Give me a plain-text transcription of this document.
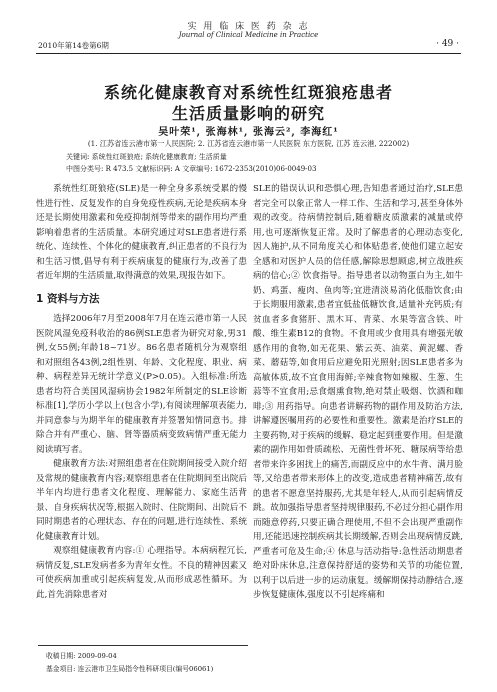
实 用 临 床 医 药 杂 志
Journal of Clinical Medicine in Practice
2010年第14卷第6期	· 49 ·
系统化健康教育对系统性红斑狼疮患者
生活质量影响的研究
吴叶荣¹, 张海林¹, 张海云², 李海红¹
(1. 江苏省连云港市第一人民医院; 2. 江苏省连云港市第一人民医院 东方医院, 江苏 连云港, 222002)
关键词: 系统性红斑狼疮; 系统化健康教育; 生活质量
中图分类号: R 473.5 文献标识码: A 文章编号: 1672-2353(2010)06-0049-03

系统性红斑狼疮(SLE)是一种全身多系统受累的慢性进行性、反复发作的自身免疫性疾病,无论是疾病本身还是长期使用激素和免疫抑制剂等带来的副作用均严重影响着患者的生活质量。本研究通过对SLE患者进行系统化、连续性、个体化的健康教育,纠正患者的不良行为和生活习惯,倡导有利于疾病康复的健康行为,改善了患者近年期的生活质量,取得满意的效果,现报告如下。

1 资料与方法

选择2006年7月至2008年7月在连云港市第一人民医院风湿免疫科收治的86例SLE患者为研究对象,男31例,女55例;年龄18~71岁。86名患者随机分为观察组和对照组各43例,2组性别、年龄、文化程度、职业、病种、病程差异无统计学意义(P>0.05)。入组标准:所选患者均符合美国风湿病协会1982年所制定的SLE诊断标准[1],学历小学以上(包含小学),有阅读理解项表能力,并同意参与为期半年的健康教育并签署知情同意书。排除合并有严重心、脑、肾等器质病变致病情严重无能力阅读填写者。

健康教育方法:对照组患者在住院期间接受入院介绍及常规的健康教育内容;观察组患者在住院期间至出院后半年内均进行患者文化程度、理解能力、家庭生活背景、自身疾病状况等,根据入院时、住院期间、出院后不同时期患者的心理状态、存在的问题,进行连续性、系统化健康教育计划。

观察组健康教育内容:① 心理指导。本病病程冗长,病情反复,SLE发病者多为青年女性。不良的精神因素又可使疾病加重或引起疾病复发,从而形成恶性循环。为此,首先消除患者对

SLE的错误认识和恐惧心理,告知患者通过治疗,SLE患者完全可以象正常人一样工作、生活和学习,甚至身体外观的改变。待病情控制后,随着糖皮质激素的减量或停用,也可逐渐恢复正常。及时了解患者的心理动态变化,因人施护,从不同角度关心和体贴患者,使他们建立起安全感和对医护人员的信任感,解除思想顾虑,树立战胜疾病的信心;② 饮食指导。指导患者以动物蛋白为主,如牛奶、鸡蛋、瘦肉、鱼肉等;宜进清淡易消化低脂饮食;由于长期服用激素,患者宜低盐低糖饮食,适量补充钙质;有贫血者多食猪肝、黑木耳、青菜、水果等富含铁、叶酸、维生素B12的食物。不食用或少食用具有增强光敏感作用的食物,如无花果、紫云英、油菜、黄泥螺、香菜、蘑菇等,如食用后应避免阳光照射;因SLE患者多为高敏体质,故不宜食用海鲜;辛辣食物如辣椒、生葱、生蒜等不宜食用;忌食烟熏食物,绝对禁止吸烟、饮酒和咖啡;③ 用药指导。向患者讲解药物的副作用及防治方法,讲解遵医嘱用药的必要性和重要性。激素是治疗SLE的主要药物,对于疾病的缓解、稳定起到重要作用。但是激素的副作用如骨质疏松、无菌性骨坏死、糖尿病等给患者带来许多困扰上的痛苦,而副反应中的水牛背、满月脸等,又给患者带来形体上的改变,造成患者精神痛苦,故有的患者不愿意坚持服药,尤其是年轻人,从而引起病情反跳。故加强指导患者坚持规律服药,不必过分担心副作用而随意停药,只要正确合理使用,不但不会出现严重副作用,还能迅速控制疾病其长期缓解,否则会出现病情反跳,严重者可危及生命;④ 休息与活动指导:急性活动期患者绝对卧床休息,注意保持舒适的姿势和关节的功能位置,以利于以后进一步的运动康复。缓解期保持动静结合,逐步恢复健康体,强度以不引起疼痛和

收稿日期: 2009-09-04
基金项目: 连云港市卫生局指令性科研项目(编号06061)
